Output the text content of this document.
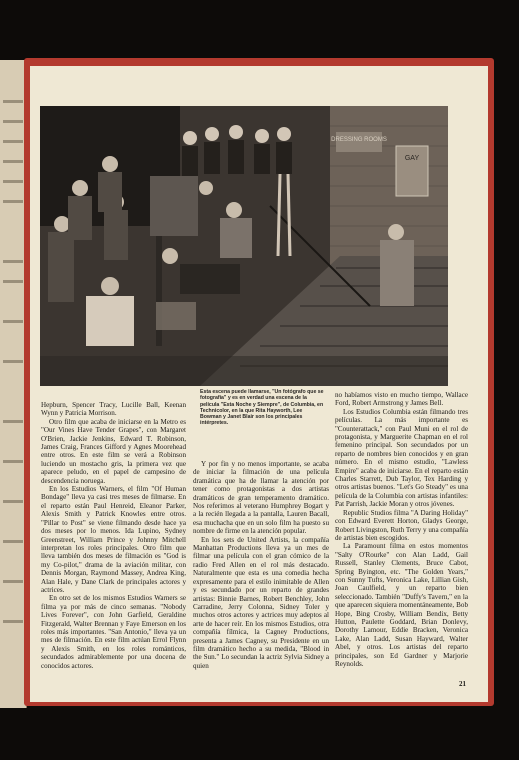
DRESSING ROOMS
GAY
Esta escena puede llamarse, "Un fotógrafo que se fotografía" y es en verdad una escena de la película "Esta Noche y Siempre", de Columbia, en Technicolor, en la que Rita Hayworth, Lee Bowman y Janet Blair son los principales intérpretes.

Hepburn, Spencer Tracy, Lucille Ball, Keenan Wynn y Patricia Morrison.

Otro film que acaba de iniciarse en la Metro es "Our Vines Have Tender Grapes", con Margaret O'Brien, Jackie Jenkins, Edward T. Robinson, James Craig, Frances Gifford y Agnes Moorehead entre otros. En este film se verá a Robinson luciendo un mostacho gris, la primera vez que aparece peludo, en el papel de campesino de descendencia noruega.

En los Estudios Warners, el film "Of Human Bondage" lleva ya casi tres meses de filmarse. En el reparto están Paul Henreid, Eleanor Parker, Alexis Smith y Patrick Knowles entre otros. "Pillar to Post" se viene filmando desde hace ya dos meses por lo menos. Ida Lupino, Sydney Greenstreet, William Prince y Johnny Mitchell interpretan los roles principales. Otro film que lleva también dos meses de filmación es "God is my Co-pilot," drama de la aviación militar, con Dennis Morgan, Raymond Massey, Andrea King, Alan Hale, y Dane Clark de principales actores y actrices.

En otro set de los mismos Estudios Warners se filma ya por más de cinco semanas. "Nobody Lives Forever", con John Garfield, Geraldine Fitzgerald, Walter Brennan y Faye Emerson en los roles más importantes. "San Antonio," lleva ya un mes de filmación. En este film actúan Errol Flynn y Alexis Smith, en los roles románticos, secundados admirablemente por una docena de conocidos actores.

Y por fin y no menos importante, se acaba de iniciar la filmación de una película dramática que ha de llamar la atención por tener como protagonistas a dos artistas dramáticos de gran temperamento dramático. Nos referimos al veterano Humphrey Bogart y a la recién llegada a la pantalla, Lauren Bacall, esa muchacha que en un solo film ha puesto su nombre de firme en la atención popular.

En los sets de United Artists, la compañía Manhattan Productions lleva ya un mes de filmar una película con el gran cómico de la radio Fred Allen en el rol más destacado. Naturalmente que esta es una comedia hecha expresamente para el estilo inimitable de Allen y es secundado por un reparto de grandes artistas: Binnie Barnes, Robert Benchley, John Carradine, Jerry Colonna, Sidney Toler y muchos otros actores y actrices muy adeptos al arte de hacer reír. En los mismos Estudios, otra compañía fílmica, la Cagney Productions, presenta a James Cagney, su Presidente en un film dramático hecho a su medida, "Blood in the Sun." Lo secundan la actriz Sylvia Sidney a quien

no habíamos visto en mucho tiempo, Wallace Ford, Robert Armstrong y James Bell.

Los Estudios Columbia están filmando tres películas. La más importante es "Counterattack," con Paul Muni en el rol de protagonista, y Marguerite Chapman en el rol femenino principal. Son secundados por un reparto de nombres bien conocidos y en gran número. En el mismo estudio, "Lawless Empire" acaba de iniciarse. En el reparto están Charles Starrett, Dub Taylor, Tex Harding y otros artistas buenos. "Let's Go Steady" es una película de la Columbia con artistas infantiles: Pat Parrish, Jackie Moran y otros jóvenes.

Republic Studios filma "A Daring Holiday" con Edward Everett Horton, Gladys George, Robert Livingston, Ruth Terry y una compañía de artistas bien escogidos.

La Paramount filma en estos momentos "Salty O'Rourke" con Alan Ladd, Gail Russell, Stanley Clements, Bruce Cabot, Spring Byington, etc. "The Golden Years," con Sunny Tufts, Veronica Lake, Lillian Gish, Joan Caulfield, y un reparto bien seleccionado. También "Duffy's Tavern," en la que aparecen siquiera momentáneamente, Bob Hope, Bing Crosby, William Bendix, Betty Hutton, Paulette Goddard, Brian Donlevy, Dorothy Lamour, Eddie Bracken, Veronica Lake, Alan Ladd, Susan Hayward, Walter Abel, y otros. Los artistas del reparto principales, son Ed Gardner y Marjorie Reynolds.

21
